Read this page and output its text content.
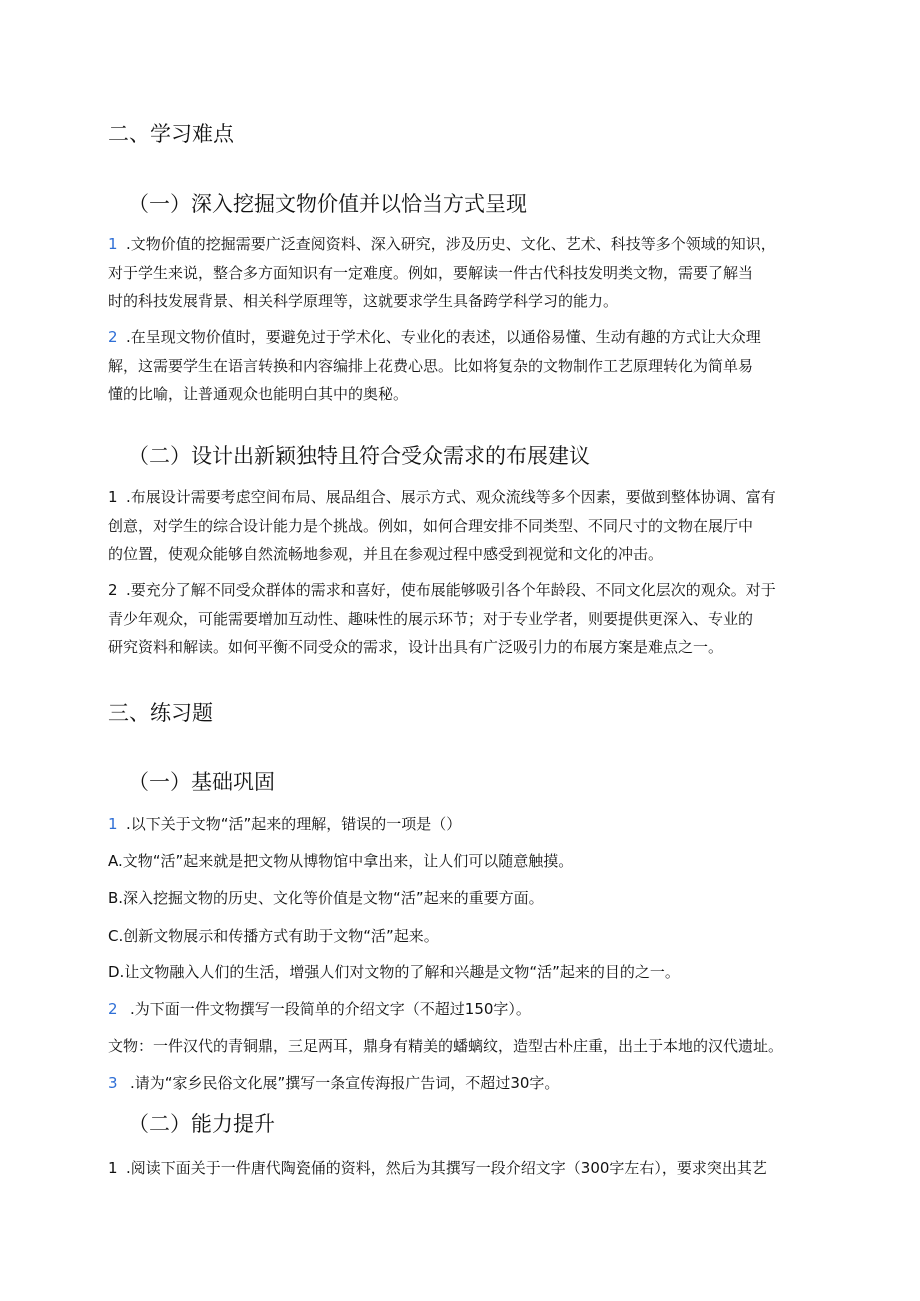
二、学习难点
（一）深入挖掘文物价值并以恰当方式呈现
1 .文物价值的挖掘需要广泛查阅资料、深入研究，涉及历史、文化、艺术、科技等多个领域的知识，
对于学生来说，整合多方面知识有一定难度。例如，要解读一件古代科技发明类文物，需要了解当
时的科技发展背景、相关科学原理等，这就要求学生具备跨学科学习的能力。
2 .在呈现文物价值时，要避免过于学术化、专业化的表述，以通俗易懂、生动有趣的方式让大众理
解，这需要学生在语言转换和内容编排上花费心思。比如将复杂的文物制作工艺原理转化为简单易
懂的比喻，让普通观众也能明白其中的奥秘。
（二）设计出新颖独特且符合受众需求的布展建议
1 .布展设计需要考虑空间布局、展品组合、展示方式、观众流线等多个因素，要做到整体协调、富有
创意，对学生的综合设计能力是个挑战。例如，如何合理安排不同类型、不同尺寸的文物在展厅中
的位置，使观众能够自然流畅地参观，并且在参观过程中感受到视觉和文化的冲击。
2 .要充分了解不同受众群体的需求和喜好，使布展能够吸引各个年龄段、不同文化层次的观众。对于
青少年观众，可能需要增加互动性、趣味性的展示环节；对于专业学者，则要提供更深入、专业的
研究资料和解读。如何平衡不同受众的需求，设计出具有广泛吸引力的布展方案是难点之一。
三、练习题
（一）基础巩固
1 .以下关于文物“活”起来的理解，错误的一项是（）
A.文物“活”起来就是把文物从博物馆中拿出来，让人们可以随意触摸。
B.深入挖掘文物的历史、文化等价值是文物“活”起来的重要方面。
C.创新文物展示和传播方式有助于文物“活”起来。
D.让文物融入人们的生活，增强人们对文物的了解和兴趣是文物“活”起来的目的之一。
2 .为下面一件文物撰写一段简单的介绍文字（不超过150字）。
文物：一件汉代的青铜鼎，三足两耳，鼎身有精美的蟠螭纹，造型古朴庄重，出土于本地的汉代遗址。
3 .请为“家乡民俗文化展”撰写一条宣传海报广告词，不超过30字。
（二）能力提升
1 .阅读下面关于一件唐代陶瓷俑的资料，然后为其撰写一段介绍文字（300字左右），要求突出其艺
